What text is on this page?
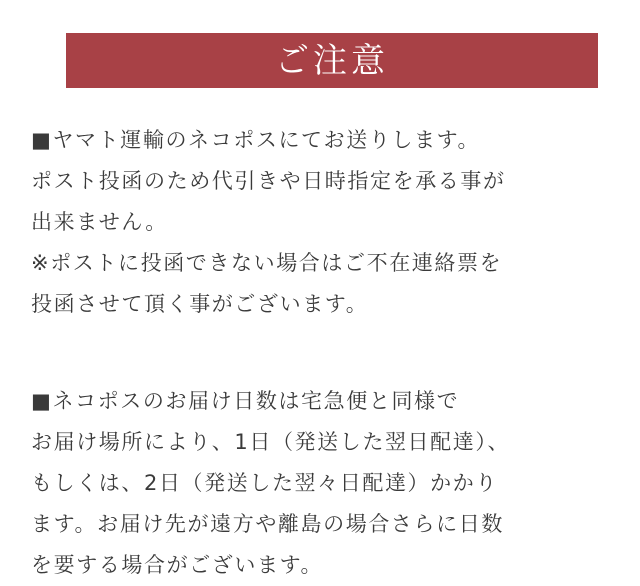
ご注意
■ヤマト運輸のネコポスにてお送りします。
ポスト投函のため代引きや日時指定を承る事が
出来ません。
※ポストに投函できない場合はご不在連絡票を
投函させて頂く事がございます。
■ネコポスのお届け日数は宅急便と同様で
お届け場所により、1日（発送した翌日配達）、
もしくは、2日（発送した翌々日配達）かかり
ます。お届け先が遠方や離島の場合さらに日数
を要する場合がございます。
